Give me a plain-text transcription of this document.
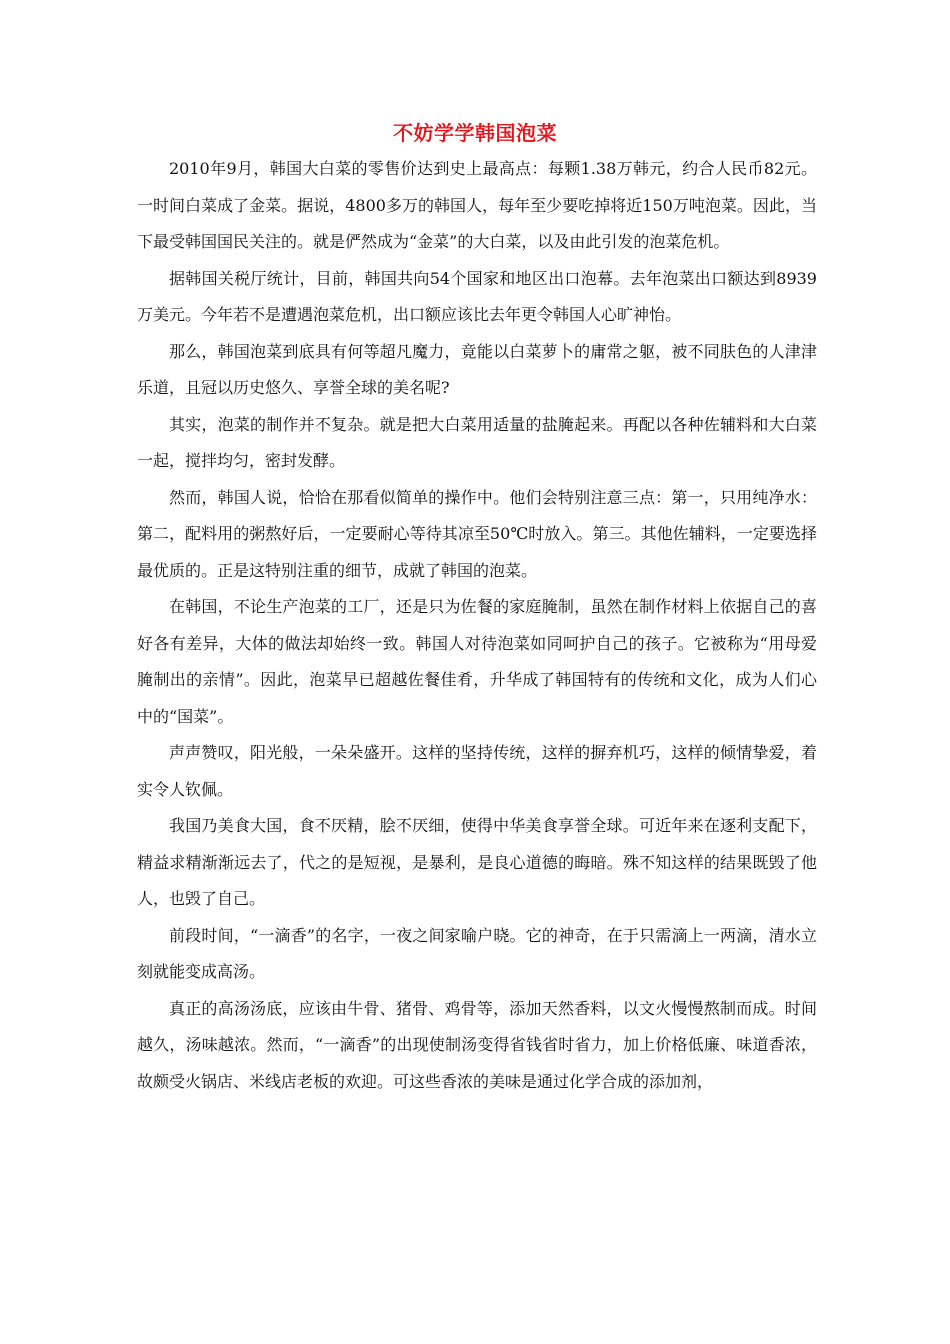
不妨学学韩国泡菜

2010年9月，韩国大白菜的零售价达到史上最高点：每颗1.38万韩元，约合人民币82元。一时间白菜成了金菜。据说，4800多万的韩国人，每年至少要吃掉将近150万吨泡菜。因此，当下最受韩国国民关注的。就是俨然成为“金菜”的大白菜，以及由此引发的泡菜危机。

据韩国关税厅统计，目前，韩国共向54个国家和地区出口泡幕。去年泡菜出口额达到8939万美元。今年若不是遭遇泡菜危机，出口额应该比去年更令韩国人心旷神怡。

那么，韩国泡菜到底具有何等超凡魔力，竟能以白菜萝卜的庸常之躯，被不同肤色的人津津乐道，且冠以历史悠久、享誉全球的美名呢?

其实，泡菜的制作并不复杂。就是把大白菜用适量的盐腌起来。再配以各种佐辅料和大白菜一起，搅拌均匀，密封发酵。

然而，韩国人说，恰恰在那看似简单的操作中。他们会特别注意三点：第一，只用纯净水：第二，配料用的粥熬好后，一定要耐心等待其凉至50℃时放入。第三。其他佐辅料，一定要选择最优质的。正是这特别注重的细节，成就了韩国的泡菜。

在韩国，不论生产泡菜的工厂，还是只为佐餐的家庭腌制，虽然在制作材料上依据自己的喜好各有差异，大体的做法却始终一致。韩国人对待泡菜如同呵护自己的孩子。它被称为“用母爱腌制出的亲情”。因此，泡菜早已超越佐餐佳肴，升华成了韩国特有的传统和文化，成为人们心中的“国菜”。

声声赞叹，阳光般，一朵朵盛开。这样的坚持传统，这样的摒弃机巧，这样的倾情挚爱，着实令人钦佩。

我国乃美食大国，食不厌精，脍不厌细，使得中华美食享誉全球。可近年来在逐利支配下，精益求精渐渐远去了，代之的是短视，是暴利，是良心道德的晦暗。殊不知这样的结果既毁了他人，也毁了自己。

前段时间，“一滴香”的名字，一夜之间家喻户晓。它的神奇，在于只需滴上一两滴，清水立刻就能变成高汤。

真正的高汤汤底，应该由牛骨、猪骨、鸡骨等，添加天然香料，以文火慢慢熬制而成。时间越久，汤味越浓。然而，“一滴香”的出现使制汤变得省钱省时省力，加上价格低廉、味道香浓，故颇受火锅店、米线店老板的欢迎。可这些香浓的美味是通过化学合成的添加剂，
